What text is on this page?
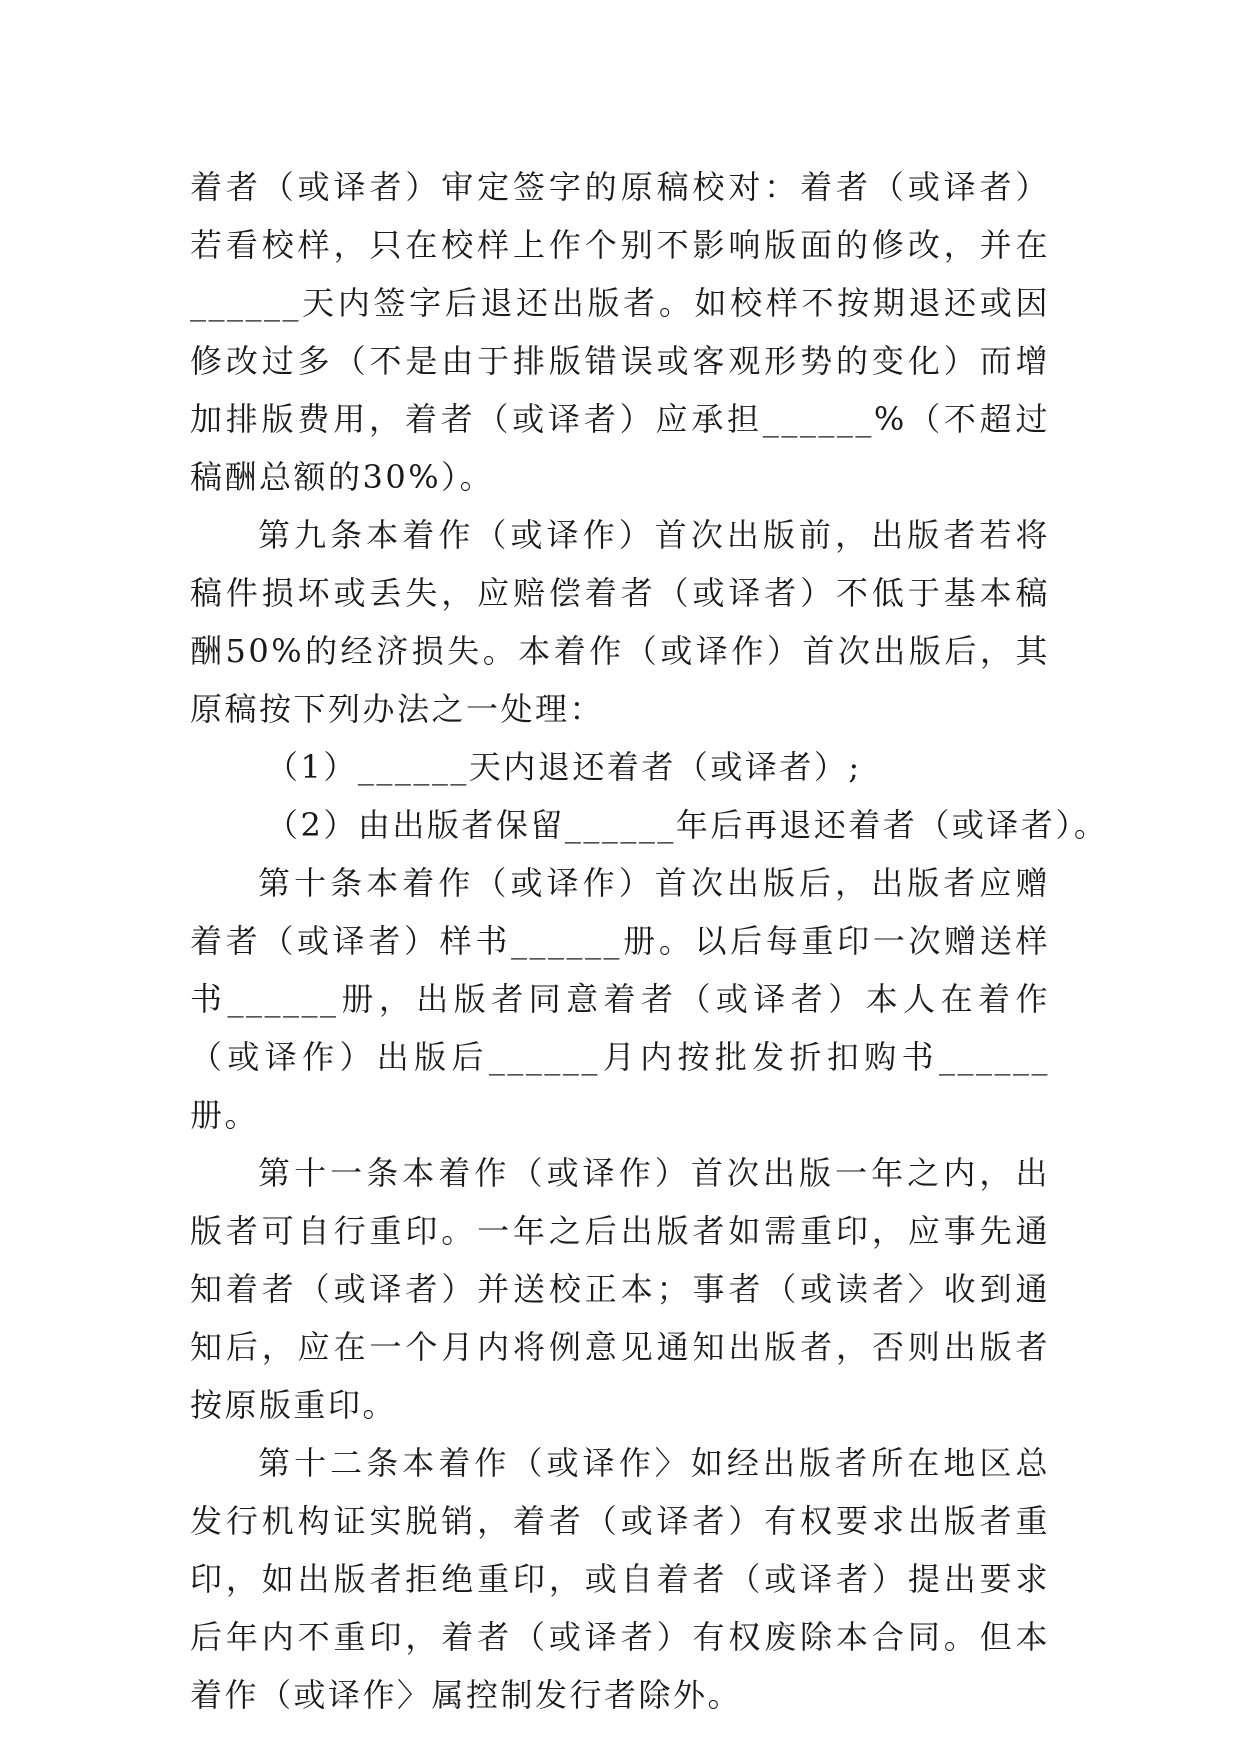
着者（或译者）审定签字的原稿校对：着者（或译者）若看校样，只在校样上作个别不影响版面的修改，并在______天内签字后退还出版者。如校样不按期退还或因修改过多（不是由于排版错误或客观形势的变化）而增加排版费用，着者（或译者）应承担______%（不超过稿酬总额的30%）。

第九条本着作（或译作）首次出版前，出版者若将稿件损坏或丢失，应赔偿着者（或译者）不低于基本稿酬50%的经济损失。本着作（或译作）首次出版后，其原稿按下列办法之一处理：

（1）______天内退还着者（或译者）;

（2）由出版者保留______年后再退还着者（或译者）。

第十条本着作（或译作）首次出版后，出版者应赠着者（或译者）样书______册。以后每重印一次赠送样书______册，出版者同意着者（或译者）本人在着作（或译作）出版后______月内按批发折扣购书______册。

第十一条本着作（或译作）首次出版一年之内，出版者可自行重印。一年之后出版者如需重印，应事先通知着者（或译者）并送校正本；事者（或读者〉收到通知后，应在一个月内将例意见通知出版者，否则出版者按原版重印。

第十二条本着作（或译作〉如经出版者所在地区总发行机构证实脱销，着者（或译者）有权要求出版者重印，如出版者拒绝重印，或自着者（或译者）提出要求后年内不重印，着者（或译者）有权废除本合同。但本着作（或译作〉属控制发行者除外。
